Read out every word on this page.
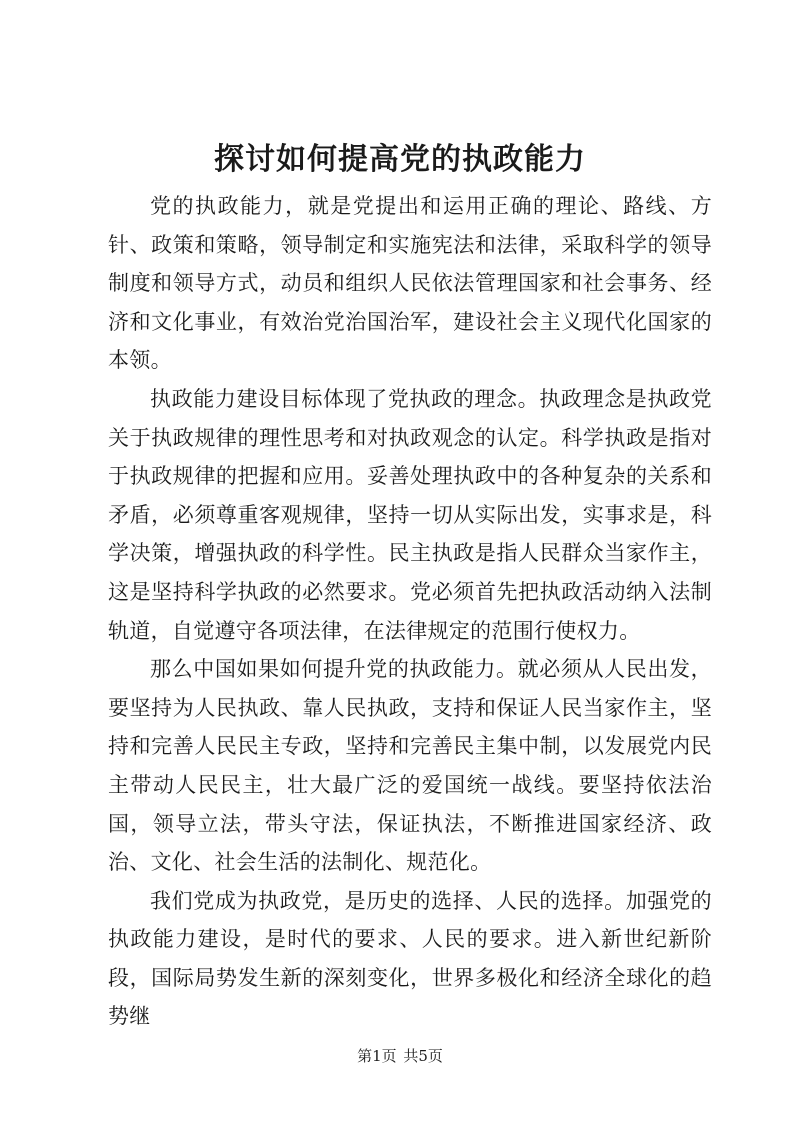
探讨如何提高党的执政能力

党的执政能力，就是党提出和运用正确的理论、路线、方针、政策和策略，领导制定和实施宪法和法律，采取科学的领导制度和领导方式，动员和组织人民依法管理国家和社会事务、经济和文化事业，有效治党治国治军，建设社会主义现代化国家的本领。

执政能力建设目标体现了党执政的理念。执政理念是执政党关于执政规律的理性思考和对执政观念的认定。科学执政是指对于执政规律的把握和应用。妥善处理执政中的各种复杂的关系和矛盾，必须尊重客观规律，坚持一切从实际出发，实事求是，科学决策，增强执政的科学性。民主执政是指人民群众当家作主，这是坚持科学执政的必然要求。党必须首先把执政活动纳入法制轨道，自觉遵守各项法律，在法律规定的范围行使权力。

那么中国如果如何提升党的执政能力。就必须从人民出发，要坚持为人民执政、靠人民执政，支持和保证人民当家作主，坚持和完善人民民主专政，坚持和完善民主集中制，以发展党内民主带动人民民主，壮大最广泛的爱国统一战线。要坚持依法治国，领导立法，带头守法，保证执法，不断推进国家经济、政治、文化、社会生活的法制化、规范化。

我们党成为执政党，是历史的选择、人民的选择。加强党的执政能力建设，是时代的要求、人民的要求。进入新世纪新阶段，国际局势发生新的深刻变化，世界多极化和经济全球化的趋势继

第1页 共5页
